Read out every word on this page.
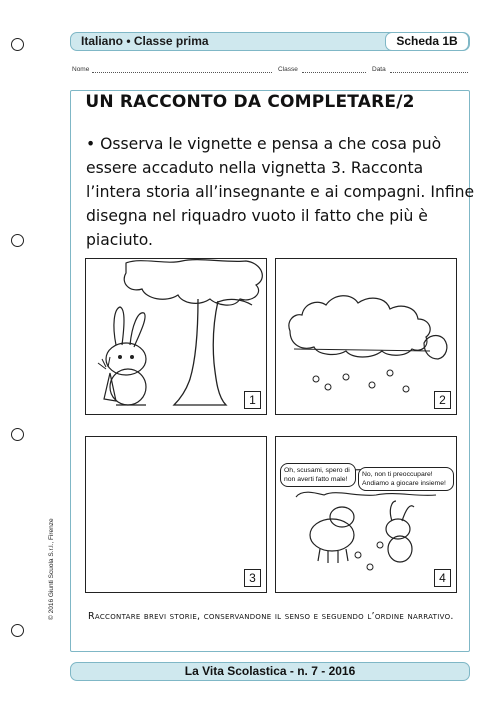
Italiano • Classe prima	Scheda 1B
Nome	Classe	Data
UN RACCONTO DA COMPLETARE/2
• Osserva le vignette e pensa a che cosa può essere accaduto nella vignetta 3. Racconta l’intera storia all’insegnante e ai compagni. Infine disegna nel riquadro vuoto il fatto che più è piaciuto.
1	2
3
Oh, scusami, spero di non averti fatto male!
No, non ti preoccupare! Andiamo a giocare insieme!
4
Raccontare brevi storie, conservandone il senso e seguendo l’ordine narrativo.
La Vita Scolastica - n. 7 - 2016
© 2016 Giunti Scuola S.r.l., Firenze
